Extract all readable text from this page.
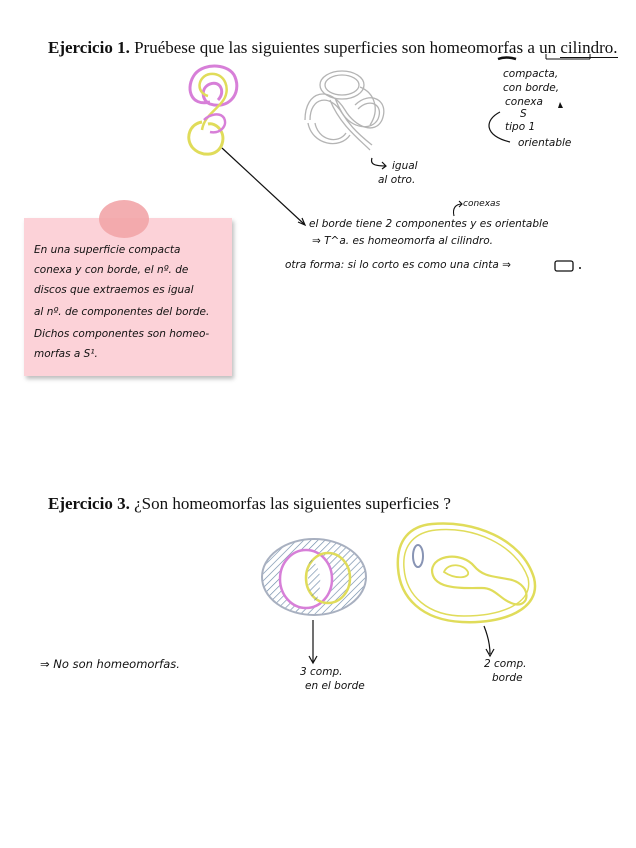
Ejercicio 1. Pruébese que las siguientes superficies son homeomorfas a un cilindro.
igual
al otro.
compacta,
con borde,
conexa
S
tipo 1
orientable
conexas
el borde tiene 2 componentes y es orientable
⇒ T^a. es homeomorfa al cilindro.
otra forma: si lo corto es como una cinta ⇒
En una superficie compacta
conexa y con borde, el nº. de
discos que extraemos es igual
al nº. de componentes del borde.
Dichos componentes son homeo-
morfas a S¹.
Ejercicio 3. ¿Son homeomorfas las siguientes superficies ?
3 comp.
en el borde
2 comp.
borde
⇒ No son homeomorfas.
